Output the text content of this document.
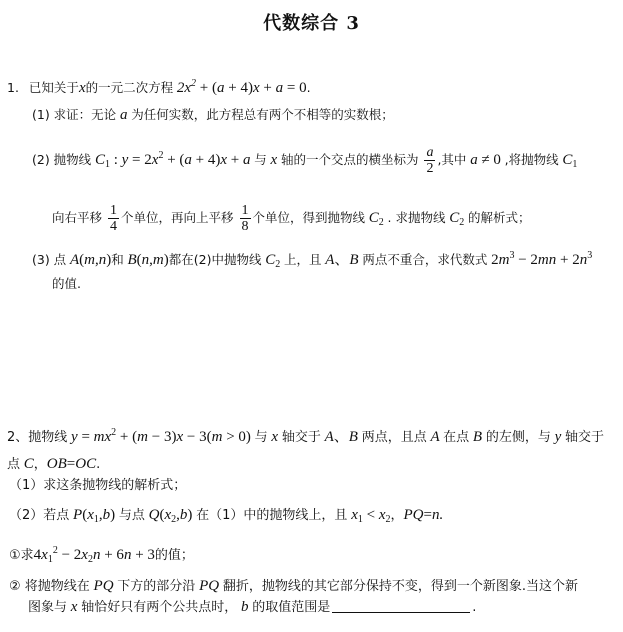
代数综合 3
1. 已知关于x的一元二次方程 $2x^2 + (a + 4)x + a = 0$.
(1) 求证：无论 a 为任何实数，此方程总有两个不相等的实数根；
(2) 抛物线 $C_1$ : $y = 2x^2 + (a + 4)x + a$ 与 x 轴的一个交点的横坐标为 $\frac{a}{2}$ ,其中 a ≠ 0 ,将抛物线 $C_1$
向右平移 $\frac{1}{4}$ 个单位，再向上平移 $\frac{1}{8}$ 个单位，得到抛物线 $C_2$ . 求抛物线 $C_2$ 的解析式；
(3) 点 A(m,n)和 B(n,m)都在(2)中抛物线 $C_2$ 上，且 A、B 两点不重合，求代数式 $2m^3 - 2mn + 2n^3$
的值.
2、抛物线 $y = mx^2 + (m - 3)x - 3(m > 0)$ 与 x 轴交于 A、B 两点，且点 A 在点 B 的左侧，与 y 轴交于
点 C，OB=OC.
（1）求这条抛物线的解析式；
（2）若点 $P(x_1,b)$ 与点 $Q(x_2,b)$ 在（1）中的抛物线上，且 $x_1 < x_2$，PQ=n.
①求$4x_1^2 - 2x_2n + 6n + 3$的值；
② 将抛物线在 PQ 下方的部分沿 PQ 翻折，抛物线的其它部分保持不变，得到一个新图象.当这个新
图象与 x 轴恰好只有两个公共点时， b 的取值范围是	.
